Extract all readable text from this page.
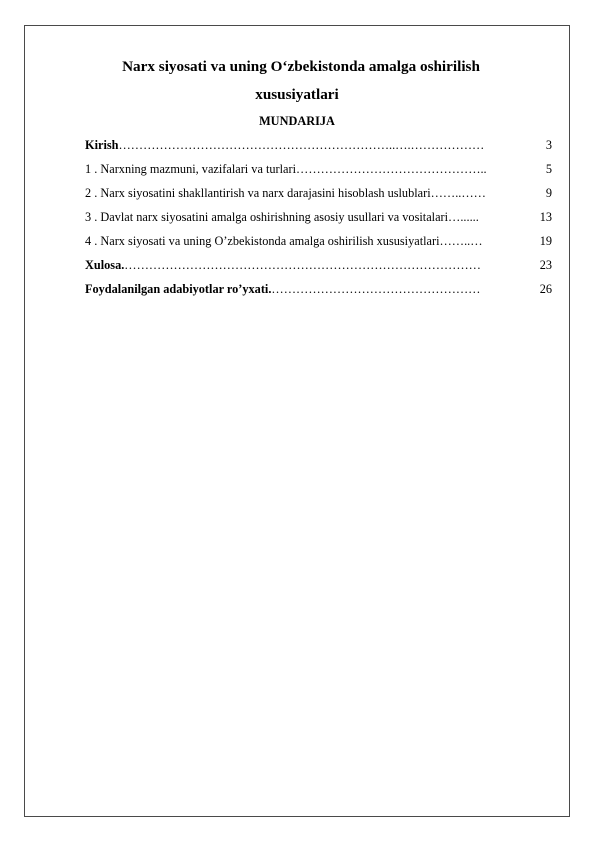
Narx siyosati va uning O‘zbekistonda amalga oshirilish
xususiyatlari
MUNDARIJA
Kirish …………………………………………………………..….………………	3
1 . Narxning mazmuni, vazifalari va turlari ………………………………………..	5
2 . Narx siyosatini shakllantirish va narx darajasini hisoblash uslublari ……..……	9
3 . Davlat narx siyosatini amalga oshirishning asosiy usullari va vositalari …......	13
4 . Narx siyosati va uning O’zbekistonda amalga oshirilish xususiyatlari ……..…	19
Xulosa. ……………………………………………………………………………	23
Foydalanilgan adabiyotlar ro’yxati. ……………………………………………	26
